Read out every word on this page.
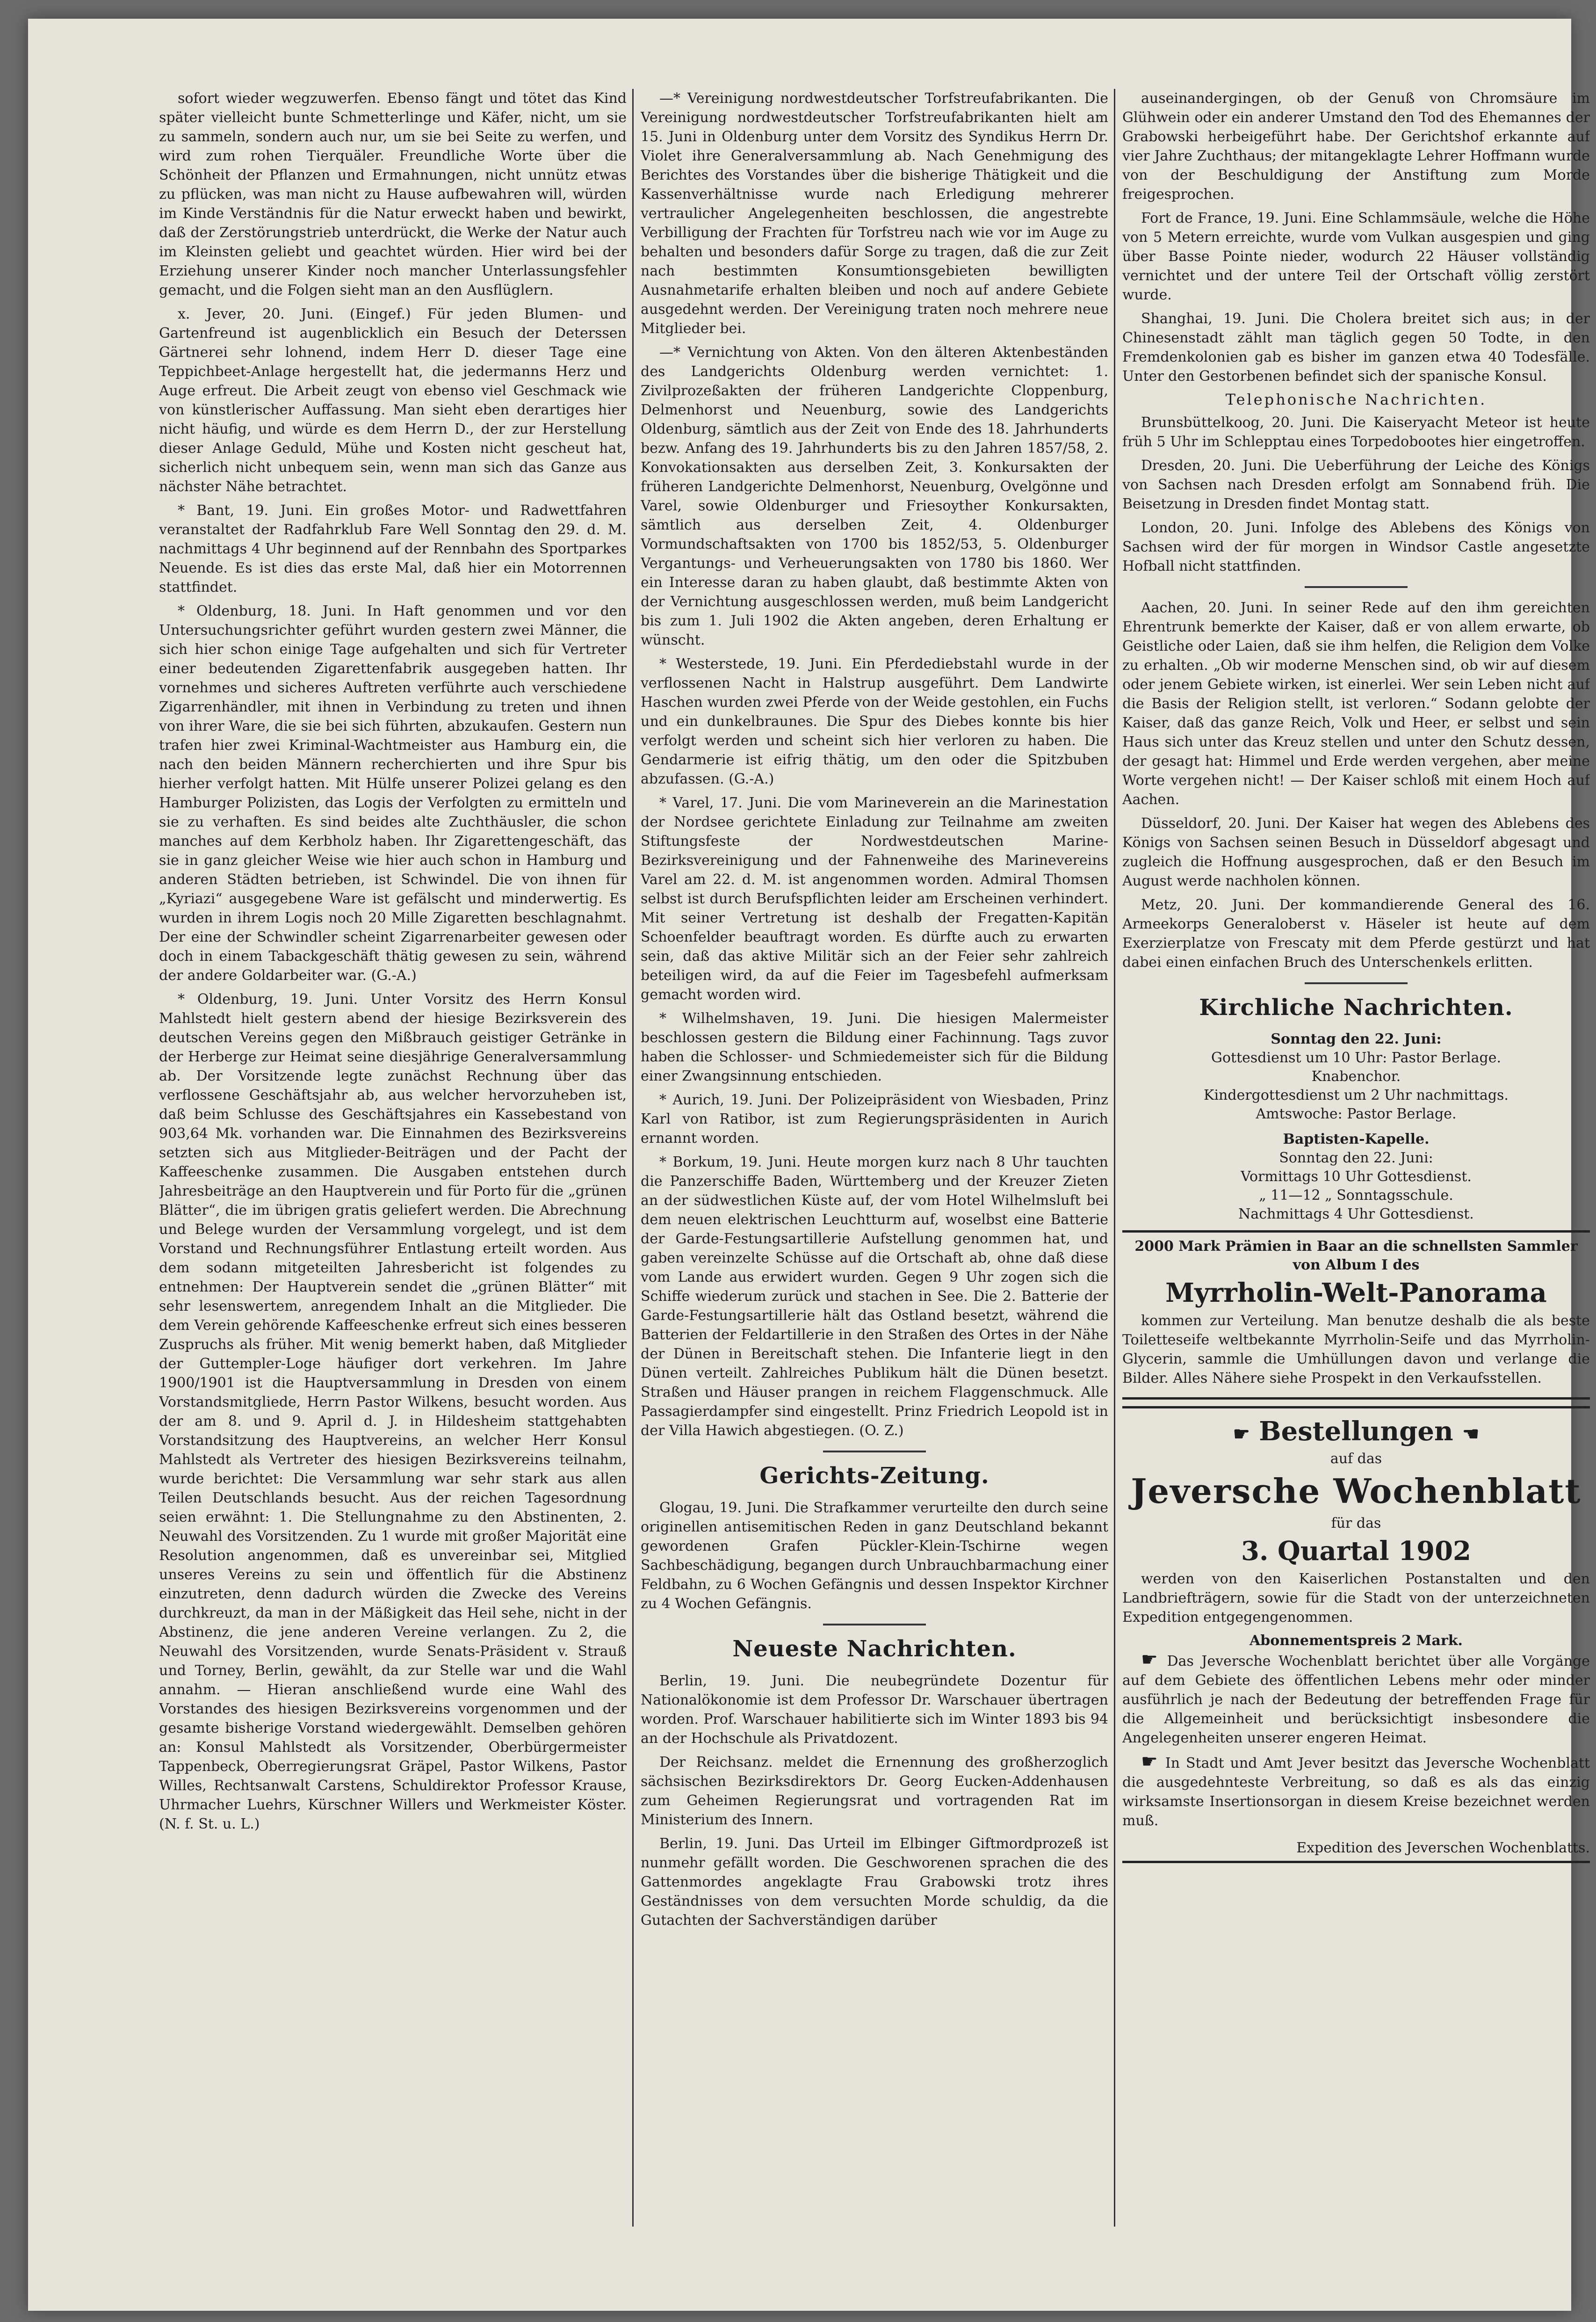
sofort wieder wegzuwerfen. Ebenso fängt und tötet das Kind später vielleicht bunte Schmetterlinge und Käfer, nicht, um sie zu sammeln, sondern auch nur, um sie bei Seite zu werfen, und wird zum rohen Tierquäler. Freundliche Worte über die Schönheit der Pflanzen und Ermahnungen, nicht unnütz etwas zu pflücken, was man nicht zu Hause aufbewahren will, würden im Kinde Verständnis für die Natur erweckt haben und bewirkt, daß der Zerstörungstrieb unterdrückt, die Werke der Natur auch im Kleinsten geliebt und geachtet würden. Hier wird bei der Erziehung unserer Kinder noch mancher Unterlassungsfehler gemacht, und die Folgen sieht man an den Ausflüglern.

x. Jever, 20. Juni. (Eingef.) Für jeden Blumen- und Gartenfreund ist augenblicklich ein Besuch der Deterssen Gärtnerei sehr lohnend, indem Herr D. dieser Tage eine Teppichbeet-Anlage hergestellt hat, die jedermanns Herz und Auge erfreut. Die Arbeit zeugt von ebenso viel Geschmack wie von künstlerischer Auffassung. Man sieht eben derartiges hier nicht häufig, und würde es dem Herrn D., der zur Herstellung dieser Anlage Geduld, Mühe und Kosten nicht gescheut hat, sicherlich nicht unbequem sein, wenn man sich das Ganze aus nächster Nähe betrachtet.

* Bant, 19. Juni. Ein großes Motor- und Radwettfahren veranstaltet der Radfahrklub Fare Well Sonntag den 29. d. M. nachmittags 4 Uhr beginnend auf der Rennbahn des Sportparkes Neuende. Es ist dies das erste Mal, daß hier ein Motorrennen stattfindet.

* Oldenburg, 18. Juni. In Haft genommen und vor den Untersuchungsrichter geführt wurden gestern zwei Männer, die sich hier schon einige Tage aufgehalten und sich für Vertreter einer bedeutenden Zigarettenfabrik ausgegeben hatten. Ihr vornehmes und sicheres Auftreten verführte auch verschiedene Zigarrenhändler, mit ihnen in Verbindung zu treten und ihnen von ihrer Ware, die sie bei sich führten, abzukaufen. Gestern nun trafen hier zwei Kriminal-Wachtmeister aus Hamburg ein, die nach den beiden Männern recherchierten und ihre Spur bis hierher verfolgt hatten. Mit Hülfe unserer Polizei gelang es den Hamburger Polizisten, das Logis der Verfolgten zu ermitteln und sie zu verhaften. Es sind beides alte Zuchthäusler, die schon manches auf dem Kerbholz haben. Ihr Zigarettengeschäft, das sie in ganz gleicher Weise wie hier auch schon in Hamburg und anderen Städten betrieben, ist Schwindel. Die von ihnen für „Kyriazi“ ausgegebene Ware ist gefälscht und minderwertig. Es wurden in ihrem Logis noch 20 Mille Zigaretten beschlagnahmt. Der eine der Schwindler scheint Zigarrenarbeiter gewesen oder doch in einem Tabackgeschäft thätig gewesen zu sein, während der andere Goldarbeiter war. (G.-A.)

* Oldenburg, 19. Juni. Unter Vorsitz des Herrn Konsul Mahlstedt hielt gestern abend der hiesige Bezirksverein des deutschen Vereins gegen den Mißbrauch geistiger Getränke in der Herberge zur Heimat seine diesjährige Generalversammlung ab. Der Vorsitzende legte zunächst Rechnung über das verflossene Geschäftsjahr ab, aus welcher hervorzuheben ist, daß beim Schlusse des Geschäftsjahres ein Kassebestand von 903,64 Mk. vorhanden war. Die Einnahmen des Bezirksvereins setzten sich aus Mitglieder-Beiträgen und der Pacht der Kaffeeschenke zusammen. Die Ausgaben entstehen durch Jahresbeiträge an den Hauptverein und für Porto für die „grünen Blätter“, die im übrigen gratis geliefert werden. Die Abrechnung und Belege wurden der Versammlung vorgelegt, und ist dem Vorstand und Rechnungsführer Entlastung erteilt worden. Aus dem sodann mitgeteilten Jahresbericht ist folgendes zu entnehmen: Der Hauptverein sendet die „grünen Blätter“ mit sehr lesenswertem, anregendem Inhalt an die Mitglieder. Die dem Verein gehörende Kaffeeschenke erfreut sich eines besseren Zuspruchs als früher. Mit wenig bemerkt haben, daß Mitglieder der Guttempler-Loge häufiger dort verkehren. Im Jahre 1900/1901 ist die Hauptversammlung in Dresden von einem Vorstandsmitgliede, Herrn Pastor Wilkens, besucht worden. Aus der am 8. und 9. April d. J. in Hildesheim stattgehabten Vorstandsitzung des Hauptvereins, an welcher Herr Konsul Mahlstedt als Vertreter des hiesigen Bezirksvereins teilnahm, wurde berichtet: Die Versammlung war sehr stark aus allen Teilen Deutschlands besucht. Aus der reichen Tagesordnung seien erwähnt: 1. Die Stellungnahme zu den Abstinenten, 2. Neuwahl des Vorsitzenden. Zu 1 wurde mit großer Majorität eine Resolution angenommen, daß es unvereinbar sei, Mitglied unseres Vereins zu sein und öffentlich für die Abstinenz einzutreten, denn dadurch würden die Zwecke des Vereins durchkreuzt, da man in der Mäßigkeit das Heil sehe, nicht in der Abstinenz, die jene anderen Vereine verlangen. Zu 2, die Neuwahl des Vorsitzenden, wurde Senats-Präsident v. Strauß und Torney, Berlin, gewählt, da zur Stelle war und die Wahl annahm. — Hieran anschließend wurde eine Wahl des Vorstandes des hiesigen Bezirksvereins vorgenommen und der gesamte bisherige Vorstand wiedergewählt. Demselben gehören an: Konsul Mahlstedt als Vorsitzender, Oberbürgermeister Tappenbeck, Oberregierungsrat Gräpel, Pastor Wilkens, Pastor Willes, Rechtsanwalt Carstens, Schuldirektor Professor Krause, Uhrmacher Luehrs, Kürschner Willers und Werkmeister Köster. (N. f. St. u. L.)

—* Vereinigung nordwestdeutscher Torfstreufabrikanten. Die Vereinigung nordwestdeutscher Torfstreufabrikanten hielt am 15. Juni in Oldenburg unter dem Vorsitz des Syndikus Herrn Dr. Violet ihre Generalversammlung ab. Nach Genehmigung des Berichtes des Vorstandes über die bisherige Thätigkeit und die Kassenverhältnisse wurde nach Erledigung mehrerer vertraulicher Angelegenheiten beschlossen, die angestrebte Verbilligung der Frachten für Torfstreu nach wie vor im Auge zu behalten und besonders dafür Sorge zu tragen, daß die zur Zeit nach bestimmten Konsumtionsgebieten bewilligten Ausnahmetarife erhalten bleiben und noch auf andere Gebiete ausgedehnt werden. Der Vereinigung traten noch mehrere neue Mitglieder bei.

—* Vernichtung von Akten. Von den älteren Aktenbeständen des Landgerichts Oldenburg werden vernichtet: 1. Zivilprozeßakten der früheren Landgerichte Cloppenburg, Delmenhorst und Neuenburg, sowie des Landgerichts Oldenburg, sämtlich aus der Zeit von Ende des 18. Jahrhunderts bezw. Anfang des 19. Jahrhunderts bis zu den Jahren 1857/58, 2. Konvokationsakten aus derselben Zeit, 3. Konkursakten der früheren Landgerichte Delmenhorst, Neuenburg, Ovelgönne und Varel, sowie Oldenburger und Friesoyther Konkursakten, sämtlich aus derselben Zeit, 4. Oldenburger Vormundschaftsakten von 1700 bis 1852/53, 5. Oldenburger Vergantungs- und Verheuerungsakten von 1780 bis 1860. Wer ein Interesse daran zu haben glaubt, daß bestimmte Akten von der Vernichtung ausgeschlossen werden, muß beim Landgericht bis zum 1. Juli 1902 die Akten angeben, deren Erhaltung er wünscht.

* Westerstede, 19. Juni. Ein Pferdediebstahl wurde in der verflossenen Nacht in Halstrup ausgeführt. Dem Landwirte Haschen wurden zwei Pferde von der Weide gestohlen, ein Fuchs und ein dunkelbraunes. Die Spur des Diebes konnte bis hier verfolgt werden und scheint sich hier verloren zu haben. Die Gendarmerie ist eifrig thätig, um den oder die Spitzbuben abzufassen. (G.-A.)

* Varel, 17. Juni. Die vom Marineverein an die Marinestation der Nordsee gerichtete Einladung zur Teilnahme am zweiten Stiftungsfeste der Nordwestdeutschen Marine-Bezirksvereinigung und der Fahnenweihe des Marinevereins Varel am 22. d. M. ist angenommen worden. Admiral Thomsen selbst ist durch Berufspflichten leider am Erscheinen verhindert. Mit seiner Vertretung ist deshalb der Fregatten-Kapitän Schoenfelder beauftragt worden. Es dürfte auch zu erwarten sein, daß das aktive Militär sich an der Feier sehr zahlreich beteiligen wird, da auf die Feier im Tagesbefehl aufmerksam gemacht worden wird.

* Wilhelmshaven, 19. Juni. Die hiesigen Malermeister beschlossen gestern die Bildung einer Fachinnung. Tags zuvor haben die Schlosser- und Schmiedemeister sich für die Bildung einer Zwangsinnung entschieden.

* Aurich, 19. Juni. Der Polizeipräsident von Wiesbaden, Prinz Karl von Ratibor, ist zum Regierungspräsidenten in Aurich ernannt worden.

* Borkum, 19. Juni. Heute morgen kurz nach 8 Uhr tauchten die Panzerschiffe Baden, Württemberg und der Kreuzer Zieten an der südwestlichen Küste auf, der vom Hotel Wilhelmsluft bei dem neuen elektrischen Leuchtturm auf, woselbst eine Batterie der Garde-Festungsartillerie Aufstellung genommen hat, und gaben vereinzelte Schüsse auf die Ortschaft ab, ohne daß diese vom Lande aus erwidert wurden. Gegen 9 Uhr zogen sich die Schiffe wiederum zurück und stachen in See. Die 2. Batterie der Garde-Festungsartillerie hält das Ostland besetzt, während die Batterien der Feldartillerie in den Straßen des Ortes in der Nähe der Dünen in Bereitschaft stehen. Die Infanterie liegt in den Dünen verteilt. Zahlreiches Publikum hält die Dünen besetzt. Straßen und Häuser prangen in reichem Flaggenschmuck. Alle Passagierdampfer sind eingestellt. Prinz Friedrich Leopold ist in der Villa Hawich abgestiegen. (O. Z.)

Gerichts-Zeitung.

Glogau, 19. Juni. Die Strafkammer verurteilte den durch seine originellen antisemitischen Reden in ganz Deutschland bekannt gewordenen Grafen Pückler-Klein-Tschirne wegen Sachbeschädigung, begangen durch Unbrauchbarmachung einer Feldbahn, zu 6 Wochen Gefängnis und dessen Inspektor Kirchner zu 4 Wochen Gefängnis.

Neueste Nachrichten.

Berlin, 19. Juni. Die neubegründete Dozentur für Nationalökonomie ist dem Professor Dr. Warschauer übertragen worden. Prof. Warschauer habilitierte sich im Winter 1893 bis 94 an der Hochschule als Privatdozent.

Der Reichsanz. meldet die Ernennung des großherzoglich sächsischen Bezirksdirektors Dr. Georg Eucken-Addenhausen zum Geheimen Regierungsrat und vortragenden Rat im Ministerium des Innern.

Berlin, 19. Juni. Das Urteil im Elbinger Giftmordprozeß ist nunmehr gefällt worden. Die Geschworenen sprachen die des Gattenmordes angeklagte Frau Grabowski trotz ihres Geständnisses von dem versuchten Morde schuldig, da die Gutachten der Sachverständigen darüber

auseinandergingen, ob der Genuß von Chromsäure im Glühwein oder ein anderer Umstand den Tod des Ehemannes der Grabowski herbeigeführt habe. Der Gerichtshof erkannte auf vier Jahre Zuchthaus; der mitangeklagte Lehrer Hoffmann wurde von der Beschuldigung der Anstiftung zum Morde freigesprochen.

Fort de France, 19. Juni. Eine Schlammsäule, welche die Höhe von 5 Metern erreichte, wurde vom Vulkan ausgespien und ging über Basse Pointe nieder, wodurch 22 Häuser vollständig vernichtet und der untere Teil der Ortschaft völlig zerstört wurde.

Shanghai, 19. Juni. Die Cholera breitet sich aus; in der Chinesenstadt zählt man täglich gegen 50 Todte, in den Fremdenkolonien gab es bisher im ganzen etwa 40 Todesfälle. Unter den Gestorbenen befindet sich der spanische Konsul.

Telephonische Nachrichten.

Brunsbüttelkoog, 20. Juni. Die Kaiseryacht Meteor ist heute früh 5 Uhr im Schlepptau eines Torpedobootes hier eingetroffen.

Dresden, 20. Juni. Die Ueberführung der Leiche des Königs von Sachsen nach Dresden erfolgt am Sonnabend früh. Die Beisetzung in Dresden findet Montag statt.

London, 20. Juni. Infolge des Ablebens des Königs von Sachsen wird der für morgen in Windsor Castle angesetzte Hofball nicht stattfinden.

Aachen, 20. Juni. In seiner Rede auf den ihm gereichten Ehrentrunk bemerkte der Kaiser, daß er von allem erwarte, ob Geistliche oder Laien, daß sie ihm helfen, die Religion dem Volke zu erhalten. „Ob wir moderne Menschen sind, ob wir auf diesem oder jenem Gebiete wirken, ist einerlei. Wer sein Leben nicht auf die Basis der Religion stellt, ist verloren.“ Sodann gelobte der Kaiser, daß das ganze Reich, Volk und Heer, er selbst und sein Haus sich unter das Kreuz stellen und unter den Schutz dessen, der gesagt hat: Himmel und Erde werden vergehen, aber meine Worte vergehen nicht! — Der Kaiser schloß mit einem Hoch auf Aachen.

Düsseldorf, 20. Juni. Der Kaiser hat wegen des Ablebens des Königs von Sachsen seinen Besuch in Düsseldorf abgesagt und zugleich die Hoffnung ausgesprochen, daß er den Besuch im August werde nachholen können.

Metz, 20. Juni. Der kommandierende General des 16. Armeekorps Generaloberst v. Häseler ist heute auf dem Exerzierplatze von Frescaty mit dem Pferde gestürzt und hat dabei einen einfachen Bruch des Unterschenkels erlitten.

Kirchliche Nachrichten.

Sonntag den 22. Juni:

Gottesdienst um 10 Uhr: Pastor Berlage.

Knabenchor.

Kindergottesdienst um 2 Uhr nachmittags.

Amtswoche: Pastor Berlage.

Baptisten-Kapelle.

Sonntag den 22. Juni:

Vormittags 10 Uhr Gottesdienst.

„ 11—12 „ Sonntagsschule.

Nachmittags 4 Uhr Gottesdienst.

2000 Mark Prämien in Baar an die schnellsten Sammler von Album I des

Myrrholin-Welt-Panorama

kommen zur Verteilung. Man benutze deshalb die als beste Toiletteseife weltbekannte Myrrholin-Seife und das Myrrholin-Glycerin, sammle die Umhüllungen davon und verlange die Bilder. Alles Nähere siehe Prospekt in den Verkaufsstellen.

☛ Bestellungen ☚

auf das

Jeversche Wochenblatt

für das

3. Quartal 1902

werden von den Kaiserlichen Postanstalten und den Landbriefträgern, sowie für die Stadt von der unterzeichneten Expedition entgegengenommen.

Abonnementspreis 2 Mark.

☛ Das Jeversche Wochenblatt berichtet über alle Vorgänge auf dem Gebiete des öffentlichen Lebens mehr oder minder ausführlich je nach der Bedeutung der betreffenden Frage für die Allgemeinheit und berücksichtigt insbesondere die Angelegenheiten unserer engeren Heimat.

☛ In Stadt und Amt Jever besitzt das Jeversche Wochenblatt die ausgedehnteste Verbreitung, so daß es als das einzig wirksamste Insertionsorgan in diesem Kreise bezeichnet werden muß.

Expedition des Jeverschen Wochenblatts.
